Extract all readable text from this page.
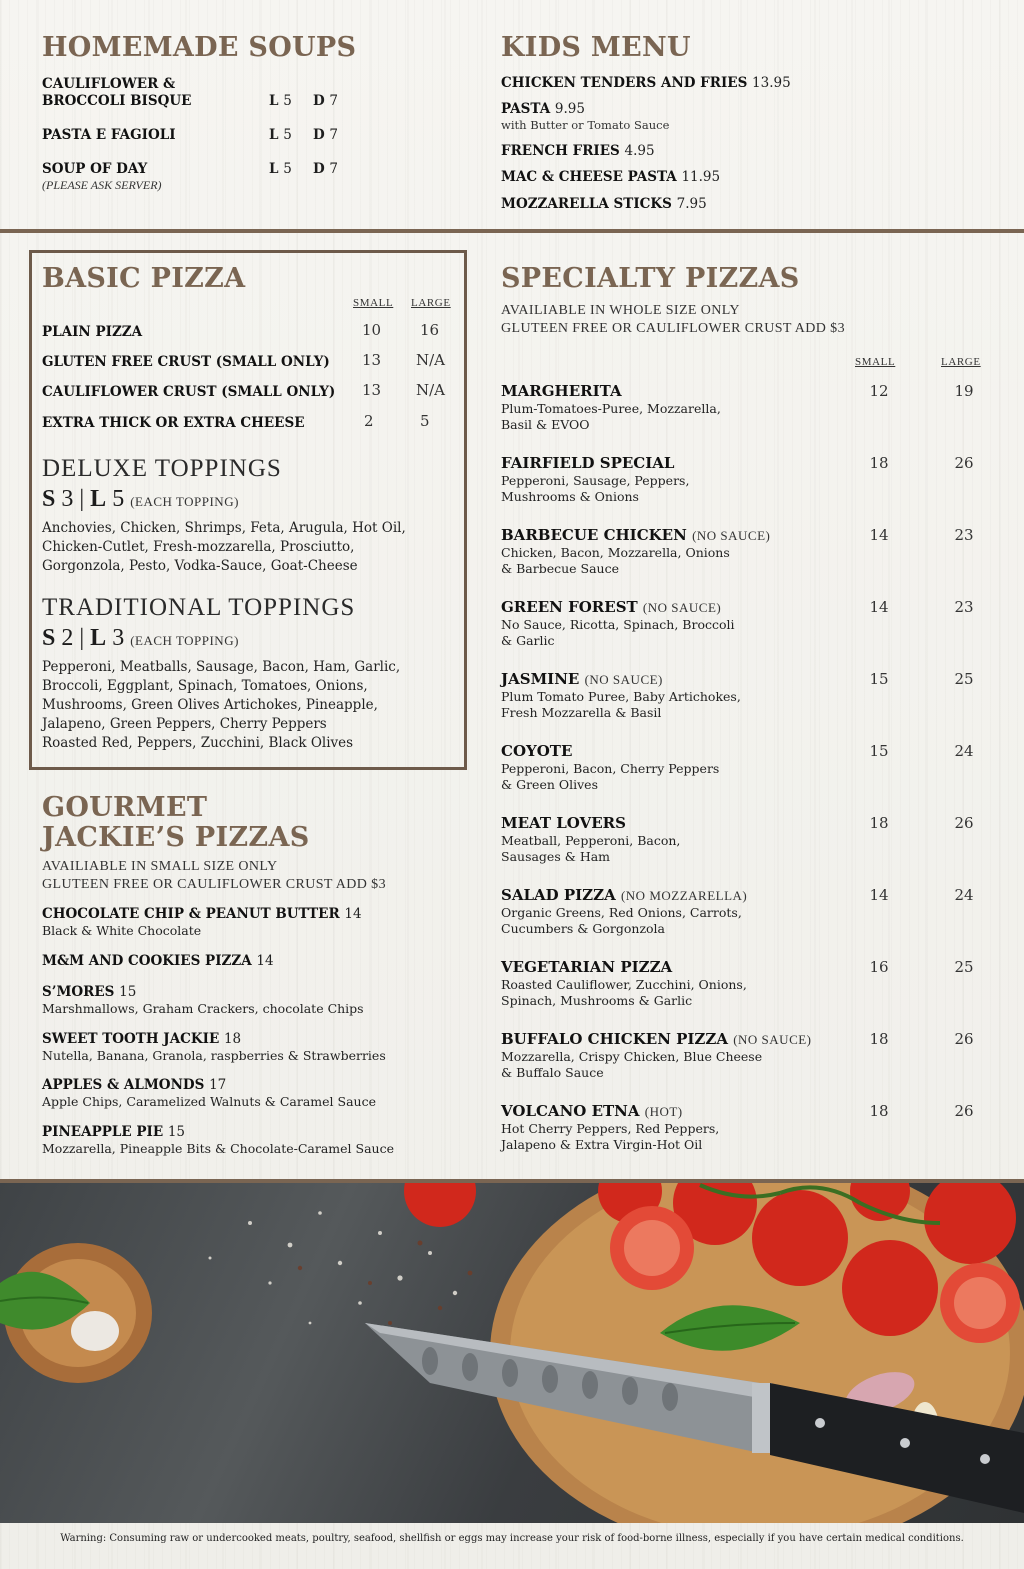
HOMEMADE SOUPS
CAULIFLOWER &
BROCCOLI BISQUE	L 5 D 7
PASTA E FAGIOLI	L 5 D 7
SOUP OF DAY
(PLEASE ASK SERVER)
L 5 D 7
KIDS MENU
CHICKEN TENDERS AND FRIES 13.95
PASTA 9.95
with Butter or Tomato Sauce
FRENCH FRIES 4.95
MAC & CHEESE PASTA 11.95
MOZZARELLA STICKS 7.95
BASIC PIZZA
SMALL LARGE
PLAIN PIZZA	10	16
GLUTEN FREE CRUST (SMALL ONLY) 13 N/A
CAULIFLOWER CRUST (SMALL ONLY) 13 N/A
EXTRA THICK OR EXTRA CHEESE	2	5
DELUXE TOPPINGS
S 3 | L 5 (EACH TOPPING)
Anchovies, Chicken, Shrimps, Feta, Arugula, Hot Oil,
Chicken-Cutlet, Fresh-mozzarella, Prosciutto,
Gorgonzola, Pesto, Vodka-Sauce, Goat-Cheese
TRADITIONAL TOPPINGS
S 2 | L 3 (EACH TOPPING)
Pepperoni, Meatballs, Sausage, Bacon, Ham, Garlic,
Broccoli, Eggplant, Spinach, Tomatoes, Onions,
Mushrooms, Green Olives Artichokes, Pineapple,
Jalapeno, Green Peppers, Cherry Peppers
Roasted Red, Peppers, Zucchini, Black Olives
GOURMET
JACKIE’S PIZZAS
AVAILIABLE IN SMALL SIZE ONLY
GLUTEEN FREE OR CAULIFLOWER CRUST ADD $3
CHOCOLATE CHIP & PEANUT BUTTER 14
Black & White Chocolate
M&M AND COOKIES PIZZA 14
S’MORES 15
Marshmallows, Graham Crackers, chocolate Chips
SWEET TOOTH JACKIE 18
Nutella, Banana, Granola, raspberries & Strawberries
APPLES & ALMONDS 17
Apple Chips, Caramelized Walnuts & Caramel Sauce
PINEAPPLE PIE 15
Mozzarella, Pineapple Bits & Chocolate-Caramel Sauce
SPECIALTY PIZZAS
AVAILIABLE IN WHOLE SIZE ONLY
GLUTEEN FREE OR CAULIFLOWER CRUST ADD $3
SMALL	LARGE
MARGHERITA
Plum-Tomatoes-Puree, Mozzarella,
Basil & EVOO
12	19
FAIRFIELD SPECIAL
Pepperoni, Sausage, Peppers,
Mushrooms & Onions
18	26
BARBECUE CHICKEN (NO SAUCE)
Chicken, Bacon, Mozzarella, Onions
& Barbecue Sauce
14	23
GREEN FOREST (NO SAUCE)
No Sauce, Ricotta, Spinach, Broccoli
& Garlic
14	23
JASMINE (NO SAUCE)
Plum Tomato Puree, Baby Artichokes,
Fresh Mozzarella & Basil
15	25
COYOTE
Pepperoni, Bacon, Cherry Peppers
& Green Olives
15	24
MEAT LOVERS
Meatball, Pepperoni, Bacon,
Sausages & Ham
18	26
SALAD PIZZA (NO MOZZARELLA)
Organic Greens, Red Onions, Carrots,
Cucumbers & Gorgonzola
14	24
VEGETARIAN PIZZA
Roasted Cauliflower, Zucchini, Onions,
Spinach, Mushrooms & Garlic
16	25
BUFFALO CHICKEN PIZZA (NO SAUCE)
Mozzarella, Crispy Chicken, Blue Cheese
& Buffalo Sauce
18	26
VOLCANO ETNA (HOT)
Hot Cherry Peppers, Red Peppers,
Jalapeno & Extra Virgin-Hot Oil
18	26
Warning: Consuming raw or undercooked meats, poultry, seafood, shellfish or eggs may increase your risk of food-borne illness, especially if you have certain medical conditions.
